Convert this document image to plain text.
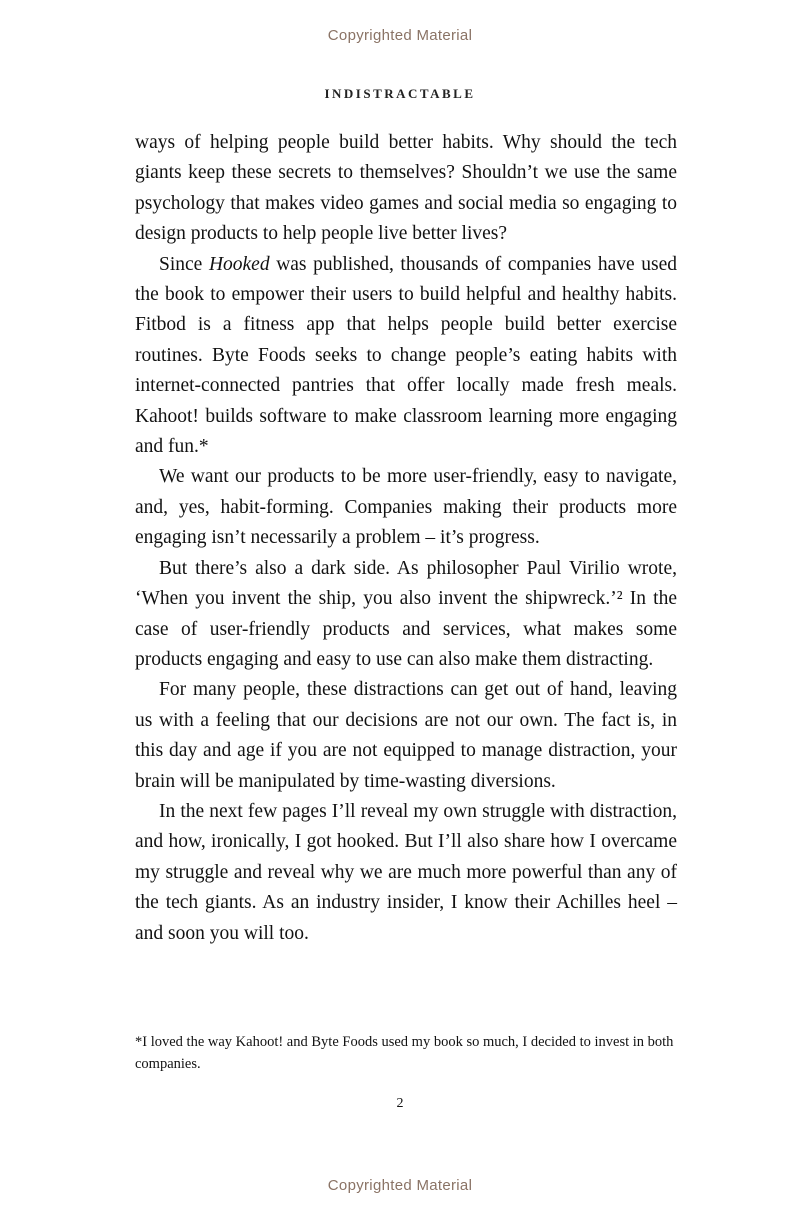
Copyrighted Material
INDISTRACTABLE

ways of helping people build better habits. Why should the tech giants keep these secrets to themselves? Shouldn’t we use the same psychology that makes video games and social media so engaging to design products to help people live better lives?

Since Hooked was published, thousands of companies have used the book to empower their users to build helpful and healthy habits. Fitbod is a fitness app that helps people build better exercise routines. Byte Foods seeks to change people’s eating habits with internet-connected pantries that offer locally made fresh meals. Kahoot! builds software to make classroom learning more engaging and fun.*

We want our products to be more user-friendly, easy to navigate, and, yes, habit-forming. Companies making their products more engaging isn’t necessarily a problem – it’s progress.

But there’s also a dark side. As philosopher Paul Virilio wrote, ‘When you invent the ship, you also invent the shipwreck.’² In the case of user-friendly products and services, what makes some products engaging and easy to use can also make them distracting.

For many people, these distractions can get out of hand, leaving us with a feeling that our decisions are not our own. The fact is, in this day and age if you are not equipped to manage distraction, your brain will be manipulated by time-wasting diversions.

In the next few pages I’ll reveal my own struggle with distraction, and how, ironically, I got hooked. But I’ll also share how I overcame my struggle and reveal why we are much more powerful than any of the tech giants. As an industry insider, I know their Achilles heel – and soon you will too.

*I loved the way Kahoot! and Byte Foods used my book so much, I decided to invest in both companies.
2
Copyrighted Material
